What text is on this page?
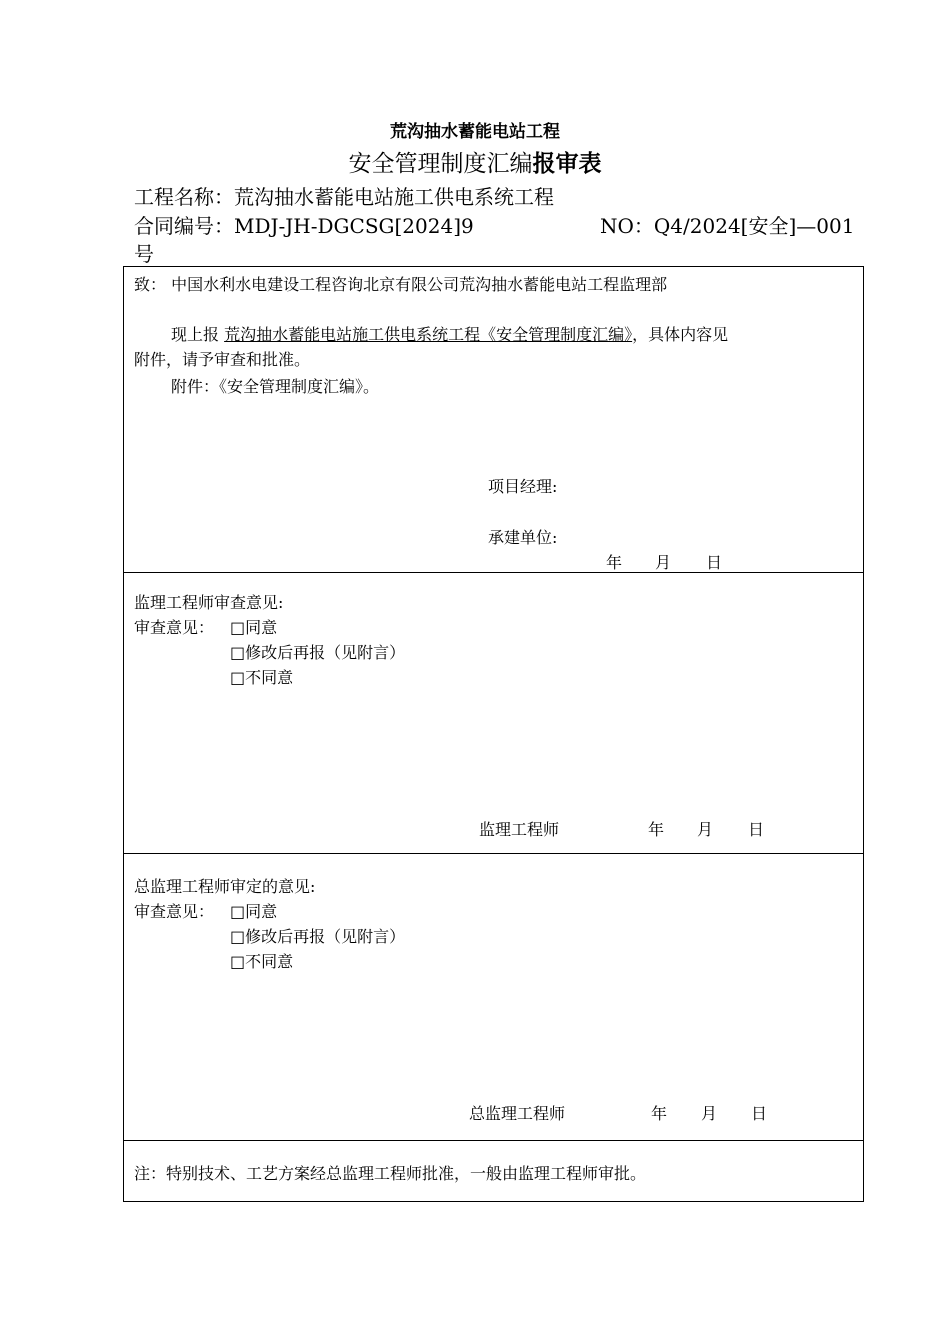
荒沟抽水蓄能电站工程
安全管理制度汇编报审表
工程名称：荒沟抽水蓄能电站施工供电系统工程
合同编号：MDJ-JH-DGCSG[2024]9	NO：Q4/2024[安全]—001
号
致： 中国水利水电建设工程咨询北京有限公司荒沟抽水蓄能电站工程监理部
现上报 荒沟抽水蓄能电站施工供电系统工程《安全管理制度汇编》，具体内容见
附件，请予审查和批准。
附件：《安全管理制度汇编》。
项目经理:
承建单位:
年 月 日
监理工程师审查意见:
审查意见： □同意
□修改后再报（见附言）
□不同意
监理工程师	年 月 日
总监理工程师审定的意见:
审查意见： □同意
□修改后再报（见附言）
□不同意
总监理工程师	年 月 日
注：特别技术、工艺方案经总监理工程师批准，一般由监理工程师审批。
